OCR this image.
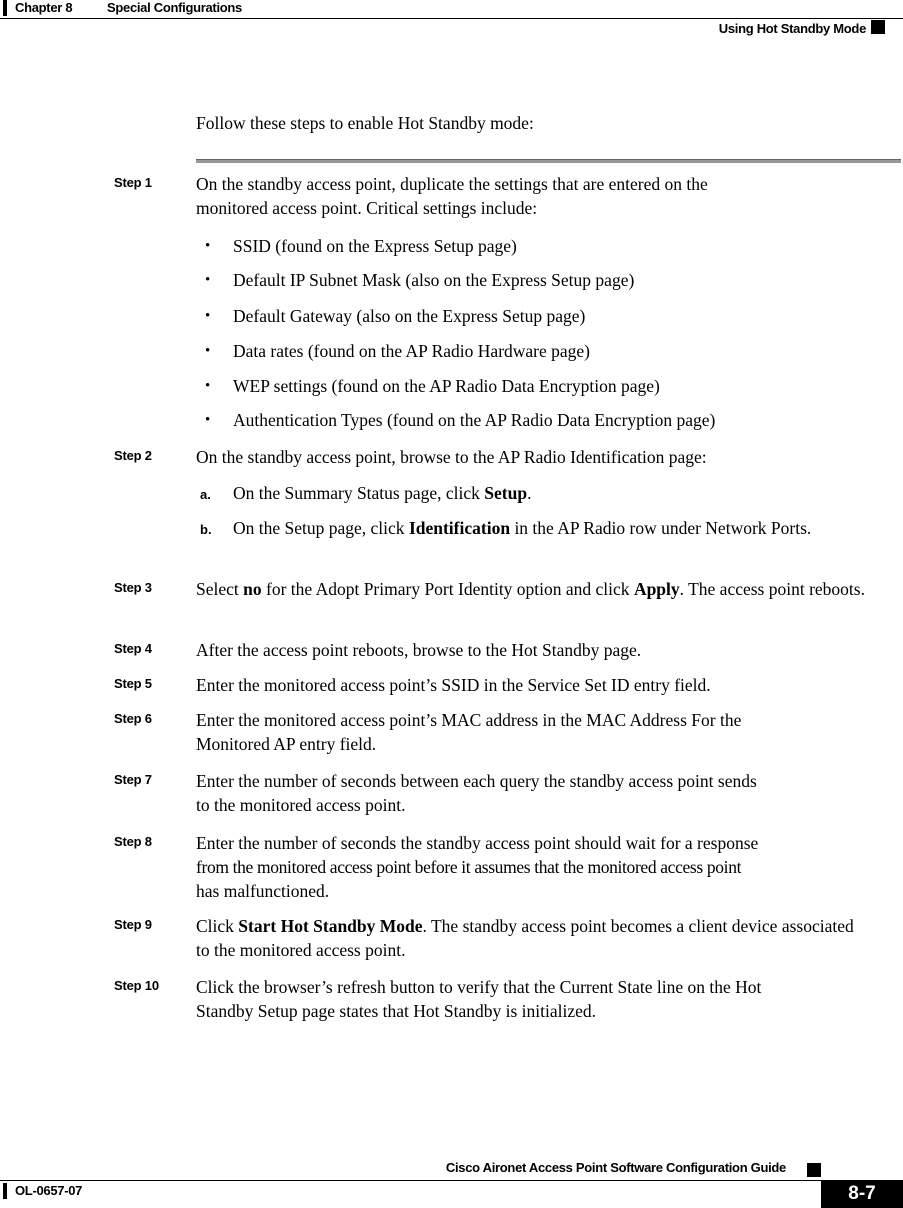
Chapter 8	Special Configurations
Using Hot Standby Mode
Follow these steps to enable Hot Standby mode:
Step 1	On the standby access point, duplicate the settings that are entered on the
monitored access point. Critical settings include:
• SSID (found on the Express Setup page)
• Default IP Subnet Mask (also on the Express Setup page)
• Default Gateway (also on the Express Setup page)
• Data rates (found on the AP Radio Hardware page)
• WEP settings (found on the AP Radio Data Encryption page)
• Authentication Types (found on the AP Radio Data Encryption page)
Step 2	On the standby access point, browse to the AP Radio Identification page:
a. On the Summary Status page, click Setup.
b. On the Setup page, click Identification in the AP Radio row under Network Ports.
Step 3	Select no for the Adopt Primary Port Identity option and click Apply. The access point reboots.
Step 4	After the access point reboots, browse to the Hot Standby page.
Step 5	Enter the monitored access point’s SSID in the Service Set ID entry field.
Step 6	Enter the monitored access point’s MAC address in the MAC Address For the
Monitored AP entry field.
Step 7	Enter the number of seconds between each query the standby access point sends
to the monitored access point.
Step 8	Enter the number of seconds the standby access point should wait for a response
from the monitored access point before it assumes that the monitored access point
has malfunctioned.
Step 9	Click Start Hot Standby Mode. The standby access point becomes a client device associated to the monitored access point.
Step 10 Click the browser’s refresh button to verify that the Current State line on the Hot
Standby Setup page states that Hot Standby is initialized.
Cisco Aironet Access Point Software Configuration Guide
OL-0657-07	8-7
